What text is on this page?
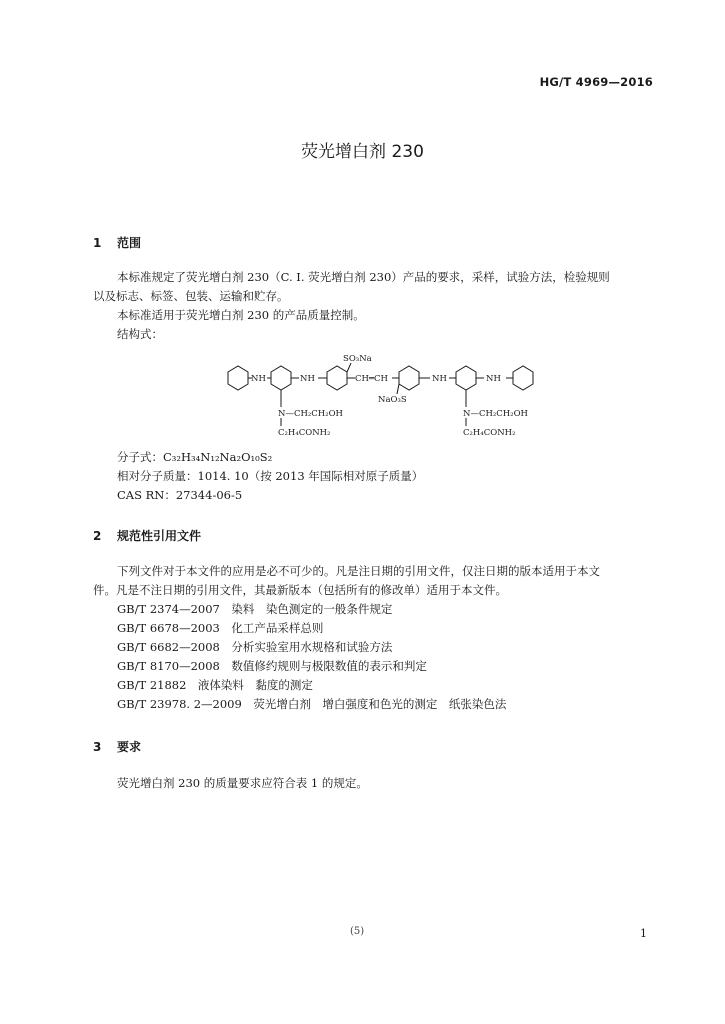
HG/T 4969—2016
荧光增白剂 230
1 范围
本标准规定了荧光增白剂 230（C. I. 荧光增白剂 230）产品的要求，采样，试验方法，检验规则
以及标志、标签、包装、运输和贮存。
本标准适用于荧光增白剂 230 的产品质量控制。
结构式：
SO₃Na
NH	NH	CH═CH
NaO₃S
NH	NH
N—CH₂CH₂OH
C₂H₄CONH₂
N—CH₂CH₂OH
C₂H₄CONH₂
分子式：C₃₂H₃₄N₁₂Na₂O₁₀S₂
相对分子质量：1014. 10（按 2013 年国际相对原子质量）
CAS RN：27344-06-5
2 规范性引用文件
下列文件对于本文件的应用是必不可少的。凡是注日期的引用文件，仅注日期的版本适用于本文
件。凡是不注日期的引用文件，其最新版本（包括所有的修改单）适用于本文件。
GB/T 2374—2007　 染料　染色测定的一般条件规定
GB/T 6678—2003　 化工产品采样总则
GB/T 6682—2008　 分析实验室用水规格和试验方法
GB/T 8170—2008　 数值修约规则与极限数值的表示和判定
GB/T 21882　 液体染料　黏度的测定
GB/T 23978. 2—2009　 荧光增白剂　增白强度和色光的测定　纸张染色法
3 要求
荧光增白剂 230 的质量要求应符合表 1 的规定。
(5)	1
